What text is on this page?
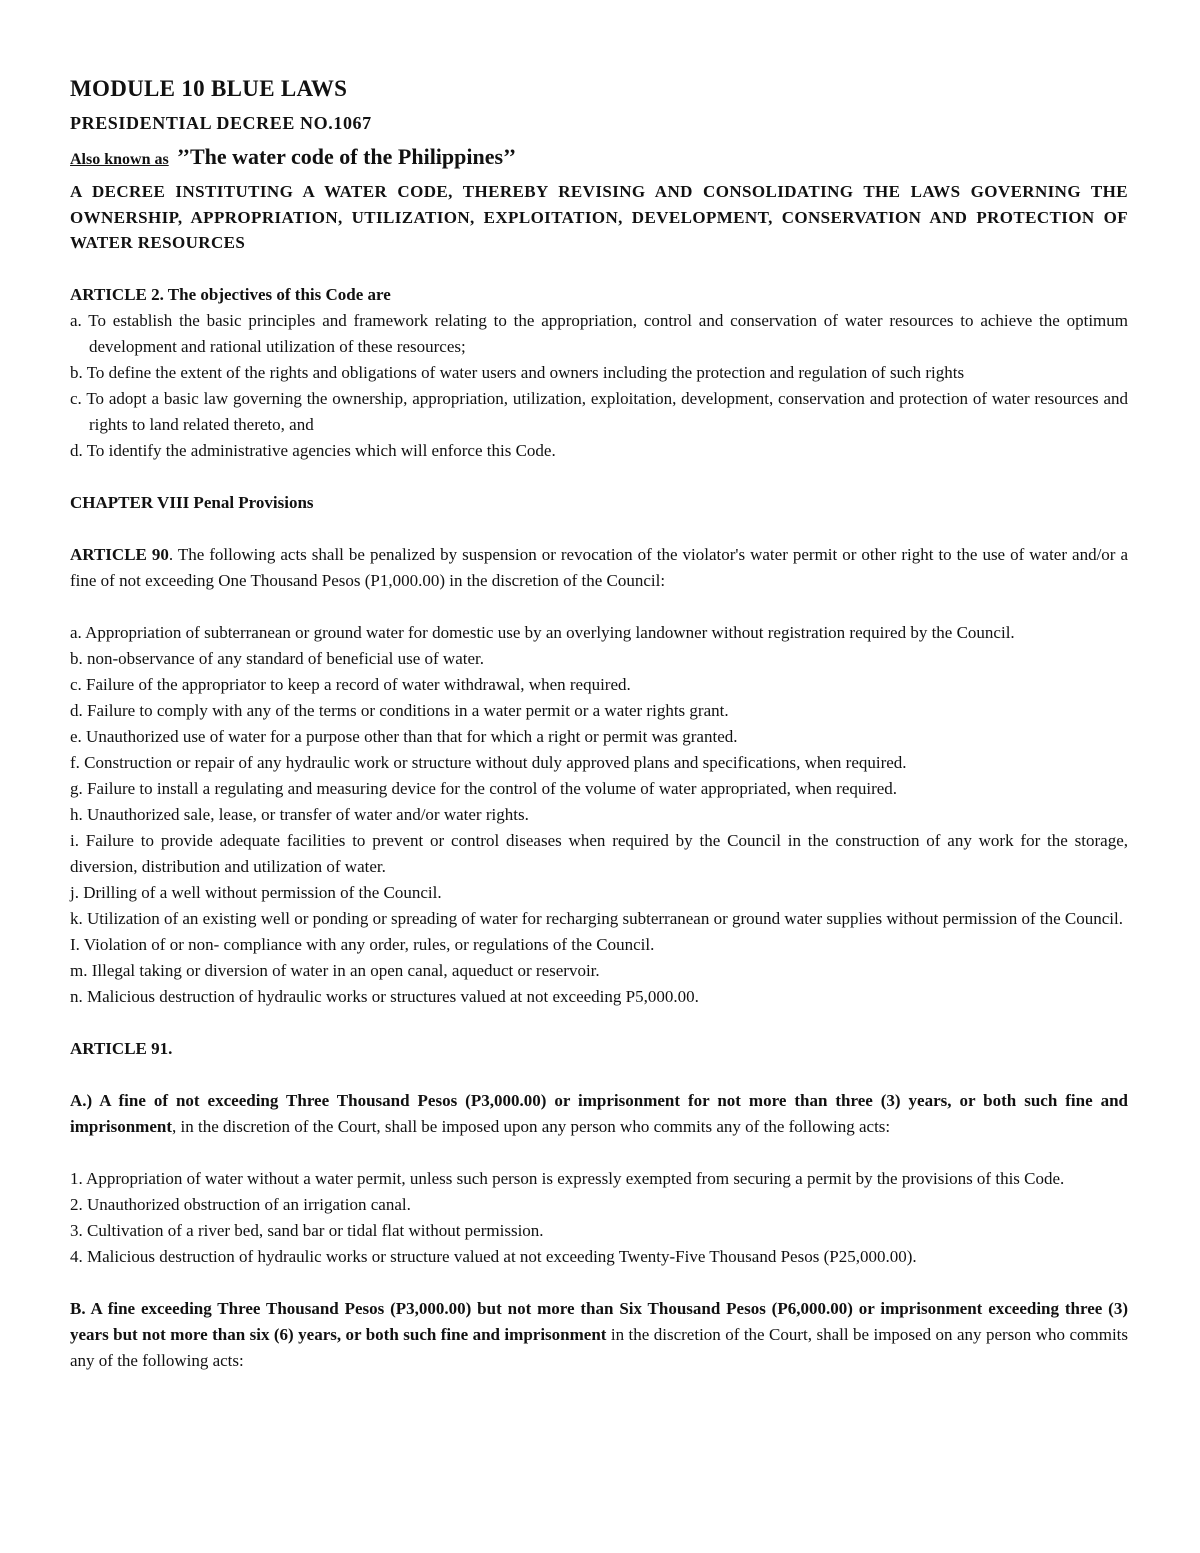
MODULE 10 BLUE LAWS
PRESIDENTIAL DECREE NO.1067
Also known as ’’The water code of the Philippines’’
A DECREE INSTITUTING A WATER CODE, THEREBY REVISING AND CONSOLIDATING THE LAWS GOVERNING THE OWNERSHIP, APPROPRIATION, UTILIZATION, EXPLOITATION, DEVELOPMENT, CONSERVATION AND PROTECTION OF WATER RESOURCES
ARTICLE 2. The objectives of this Code are
a. To establish the basic principles and framework relating to the appropriation, control and conservation of water resources to achieve the optimum development and rational utilization of these resources;
b. To define the extent of the rights and obligations of water users and owners including the protection and regulation of such rights
c. To adopt a basic law governing the ownership, appropriation, utilization, exploitation, development, conservation and protection of water resources and rights to land related thereto, and
d. To identify the administrative agencies which will enforce this Code.
CHAPTER VIII Penal Provisions
ARTICLE 90. The following acts shall be penalized by suspension or revocation of the violator's water permit or other right to the use of water and/or a fine of not exceeding One Thousand Pesos (P1,000.00) in the discretion of the Council:
a. Appropriation of subterranean or ground water for domestic use by an overlying landowner without registration required by the Council.
b. non-observance of any standard of beneficial use of water.
c. Failure of the appropriator to keep a record of water withdrawal, when required.
d. Failure to comply with any of the terms or conditions in a water permit or a water rights grant.
e. Unauthorized use of water for a purpose other than that for which a right or permit was granted.
f. Construction or repair of any hydraulic work or structure without duly approved plans and specifications, when required.
g. Failure to install a regulating and measuring device for the control of the volume of water appropriated, when required.
h. Unauthorized sale, lease, or transfer of water and/or water rights.
i. Failure to provide adequate facilities to prevent or control diseases when required by the Council in the construction of any work for the storage, diversion, distribution and utilization of water.
j. Drilling of a well without permission of the Council.
k. Utilization of an existing well or ponding or spreading of water for recharging subterranean or ground water supplies without permission of the Council.
I. Violation of or non- compliance with any order, rules, or regulations of the Council.
m. Illegal taking or diversion of water in an open canal, aqueduct or reservoir.
n. Malicious destruction of hydraulic works or structures valued at not exceeding P5,000.00.
ARTICLE 91.
A.) A fine of not exceeding Three Thousand Pesos (P3,000.00) or imprisonment for not more than three (3) years, or both such fine and imprisonment, in the discretion of the Court, shall be imposed upon any person who commits any of the following acts:
1. Appropriation of water without a water permit, unless such person is expressly exempted from securing a permit by the provisions of this Code.
2. Unauthorized obstruction of an irrigation canal.
3. Cultivation of a river bed, sand bar or tidal flat without permission.
4. Malicious destruction of hydraulic works or structure valued at not exceeding Twenty-Five Thousand Pesos (P25,000.00).
B. A fine exceeding Three Thousand Pesos (P3,000.00) but not more than Six Thousand Pesos (P6,000.00) or imprisonment exceeding three (3) years but not more than six (6) years, or both such fine and imprisonment in the discretion of the Court, shall be imposed on any person who commits any of the following acts:
